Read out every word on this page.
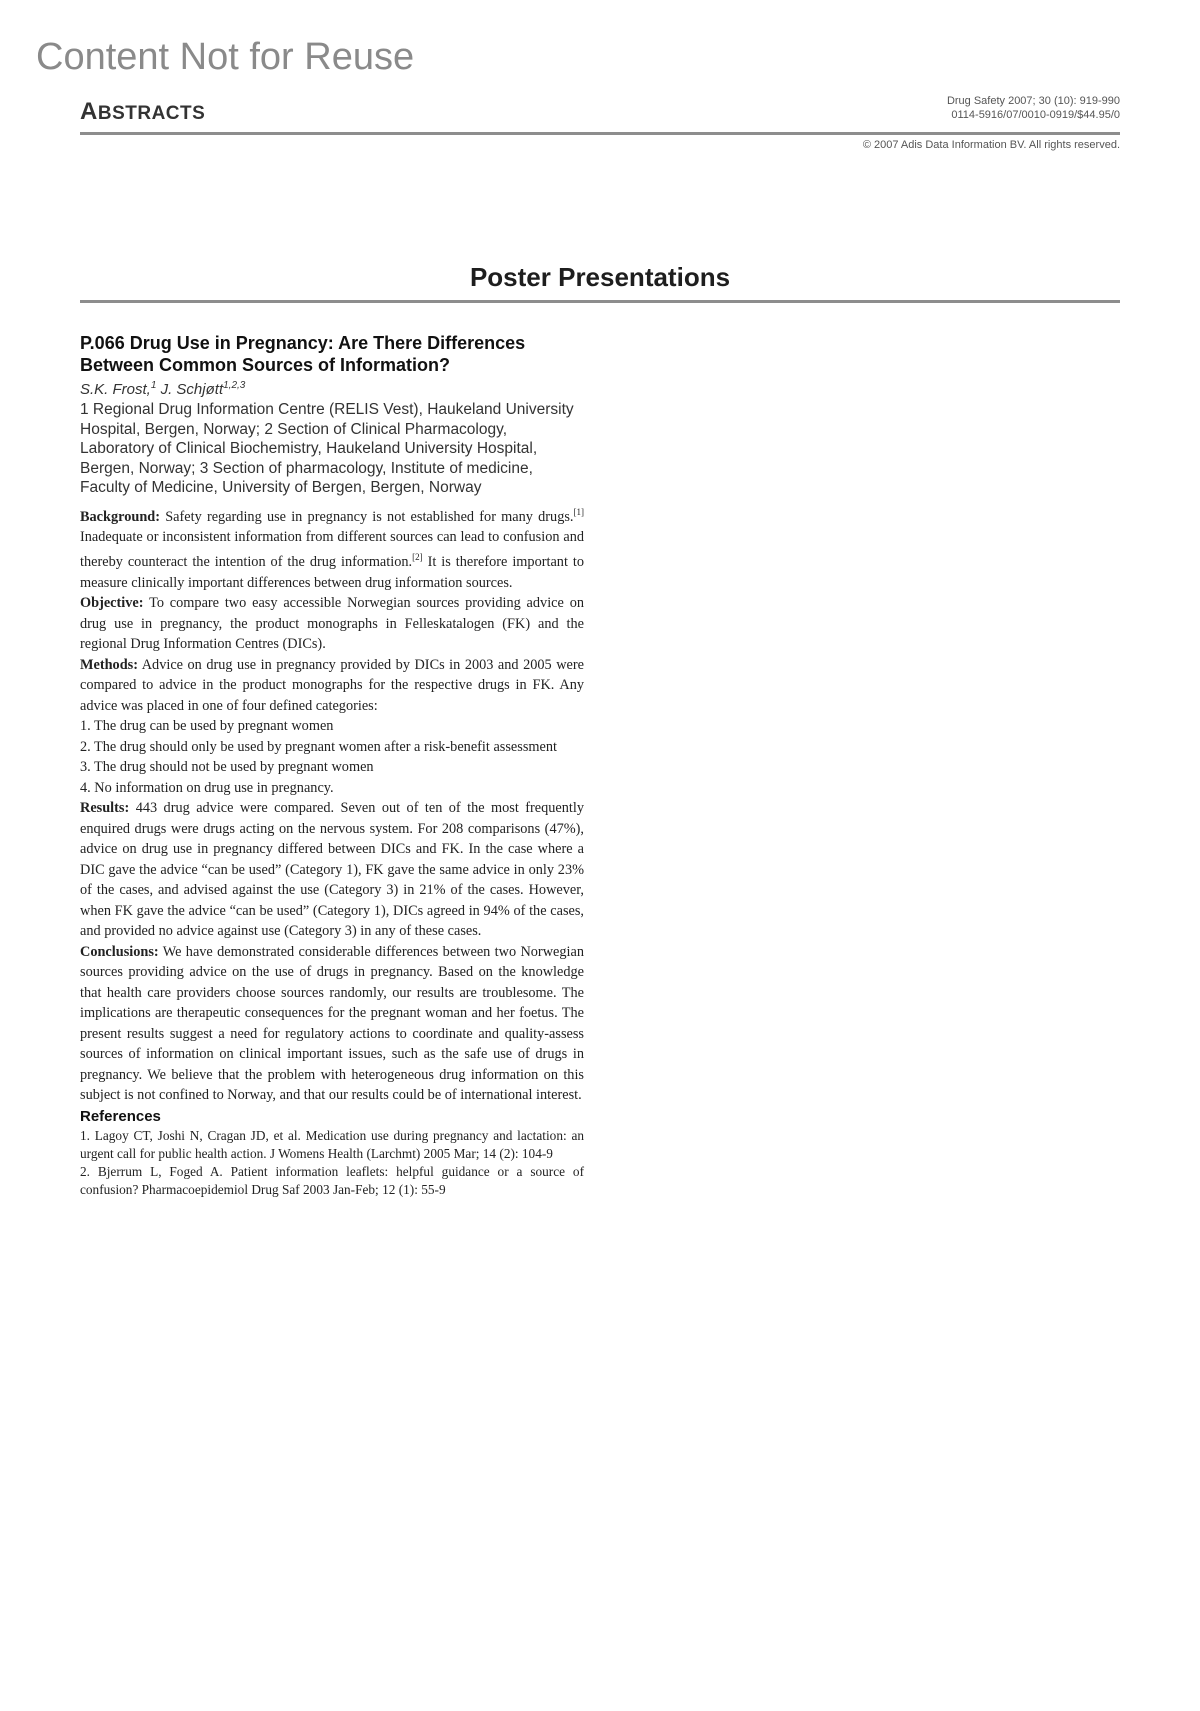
Content Not for Reuse
ABSTRACTS
Drug Safety 2007; 30 (10): 919-990
0114-5916/07/0010-0919/$44.95/0
© 2007 Adis Data Information BV. All rights reserved.
Poster Presentations
P.066 Drug Use in Pregnancy: Are There Differences Between Common Sources of Information?
S.K. Frost,$^1$ J. Schjøtt$^{1,2,3}$
1 Regional Drug Information Centre (RELIS Vest), Haukeland University Hospital, Bergen, Norway; 2 Section of Clinical Pharmacology, Laboratory of Clinical Biochemistry, Haukeland University Hospital, Bergen, Norway; 3 Section of pharmacology, Institute of medicine, Faculty of Medicine, University of Bergen, Bergen, Norway

Background: Safety regarding use in pregnancy is not established for many drugs.[1] Inadequate or inconsistent information from different sources can lead to confusion and thereby counteract the intention of the drug information.[2] It is therefore important to measure clinically important differences between drug information sources.

Objective: To compare two easy accessible Norwegian sources providing advice on drug use in pregnancy, the product monographs in Felleskatalogen (FK) and the regional Drug Information Centres (DICs).

Methods: Advice on drug use in pregnancy provided by DICs in 2003 and 2005 were compared to advice in the product monographs for the respective drugs in FK. Any advice was placed in one of four defined categories:

1. The drug can be used by pregnant women
2. The drug should only be used by pregnant women after a risk-benefit assessment
3. The drug should not be used by pregnant women
4. No information on drug use in pregnancy.

Results: 443 drug advice were compared. Seven out of ten of the most frequently enquired drugs were drugs acting on the nervous system. For 208 comparisons (47%), advice on drug use in pregnancy differed between DICs and FK. In the case where a DIC gave the advice “can be used” (Category 1), FK gave the same advice in only 23% of the cases, and advised against the use (Category 3) in 21% of the cases. However, when FK gave the advice “can be used” (Category 1), DICs agreed in 94% of the cases, and provided no advice against use (Category 3) in any of these cases.

Conclusions: We have demonstrated considerable differences between two Norwegian sources providing advice on the use of drugs in pregnancy. Based on the knowledge that health care providers choose sources randomly, our results are troublesome. The implications are therapeutic consequences for the pregnant woman and her foetus. The present results suggest a need for regulatory actions to coordinate and quality-assess sources of information on clinical important issues, such as the safe use of drugs in pregnancy. We believe that the problem with heterogeneous drug information on this subject is not confined to Norway, and that our results could be of international interest.

References
1. Lagoy CT, Joshi N, Cragan JD, et al. Medication use during pregnancy and lactation: an urgent call for public health action. J Womens Health (Larchmt) 2005 Mar; 14 (2): 104-9
2. Bjerrum L, Foged A. Patient information leaflets: helpful guidance or a source of confusion? Pharmacoepidemiol Drug Saf 2003 Jan-Feb; 12 (1): 55-9
